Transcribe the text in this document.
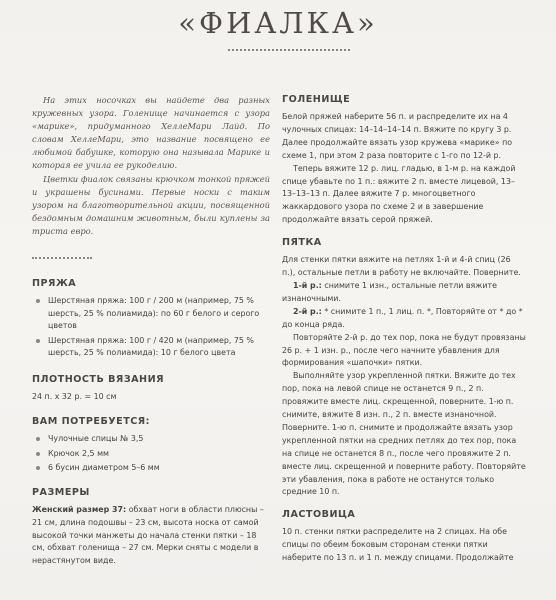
«ФИАЛКА»

На этих носочках вы найдете два разных кружевных узора. Голенище начинается с узора «марике», придуманного ХеллеМари Лайд. По словам ХеллеМари, это название посвящено ее любимой бабушке, которую она называла Марике и которая ее учила ее рукоделию.

Цветки фиалок связаны крючком тонкой пряжей и украшены бусинами. Первые носки с таким узором на благотворительной акции, посвященной бездомным домашним животным, были куплены за триста евро.

ПРЯЖА
Шерстяная пряжа: 100 г / 200 м (например, 75 % шерсть, 25 % полиамида): по 60 г белого и серого цветов
Шерстяная пряжа: 100 г / 420 м (например, 75 % шерсть, 25 % полиамида): 10 г белого цвета
ПЛОТНОСТЬ ВЯЗАНИЯ
24 п. x 32 р. = 10 см
ВАМ ПОТРЕБУЕТСЯ:
Чулочные спицы № 3,5
Крючок 2,5 мм
6 бусин диаметром 5–6 мм
РАЗМЕРЫ
Женский размер 37: обхват ноги в области плюсны – 21 см, длина подошвы – 23 см, высота носка от самой высокой точки манжеты до начала стенки пятки – 18 см, обхват голенища – 27 см. Мерки сняты с модели в нерастянутом виде.
ГОЛЕНИЩЕ

Белой пряжей наберите 56 п. и распределите их на 4 чулочных спицах: 14–14–14–14 п. Вяжите по кругу 3 р. Далее продолжайте вязать узор кружева «марике» по схеме 1, при этом 2 раза повторите с 1-го по 12-й р.

Теперь вяжите 12 р. лиц. гладью, в 1-м р. на каждой спице убавьте по 1 п.: вяжите 2 п. вместе лицевой, 13–13–13–13 п. Далее вяжите 7 р. многоцветного жаккардового узора по схеме 2 и в завершение продолжайте вязать серой пряжей.

ПЯТКА

Для стенки пятки вяжите на петлях 1-й и 4-й спиц (26 п.), остальные петли в работу не включайте. Поверните.

1-й р.: снимите 1 изн., остальные петли вяжите изнаночными.

2-й р.: * снимите 1 п., 1 лиц. п. *, Повторяйте от * до * до конца ряда.

Повторяйте 2-й р. до тех пор, пока не будут провязаны 26 р. + 1 изн. р., после чего начните убавления для формирования «шапочки» пятки.

Выполняйте узор укрепленной пятки. Вяжите до тех пор, пока на левой спице не останется 9 п., 2 п. провяжите вместе лиц. скрещенной, поверните. 1-ю п. снимите, вяжите 8 изн. п., 2 п. вместе изнаночной. Поверните. 1-ю п. снимите и продолжайте вязать узор укрепленной пятки на средних петлях до тех пор, пока на спице не останется 8 п., после чего провяжите 2 п. вместе лиц. скрещенной и поверните работу. Повторяйте эти убавления, пока в работе не останутся только средние 10 п.

ЛАСТОВИЦА
10 п. стенки пятки распределите на 2 спицах. На обе спицы по обеим боковым сторонам стенки пятки наберите по 13 п. и 1 п. между спицами. Продолжайте
